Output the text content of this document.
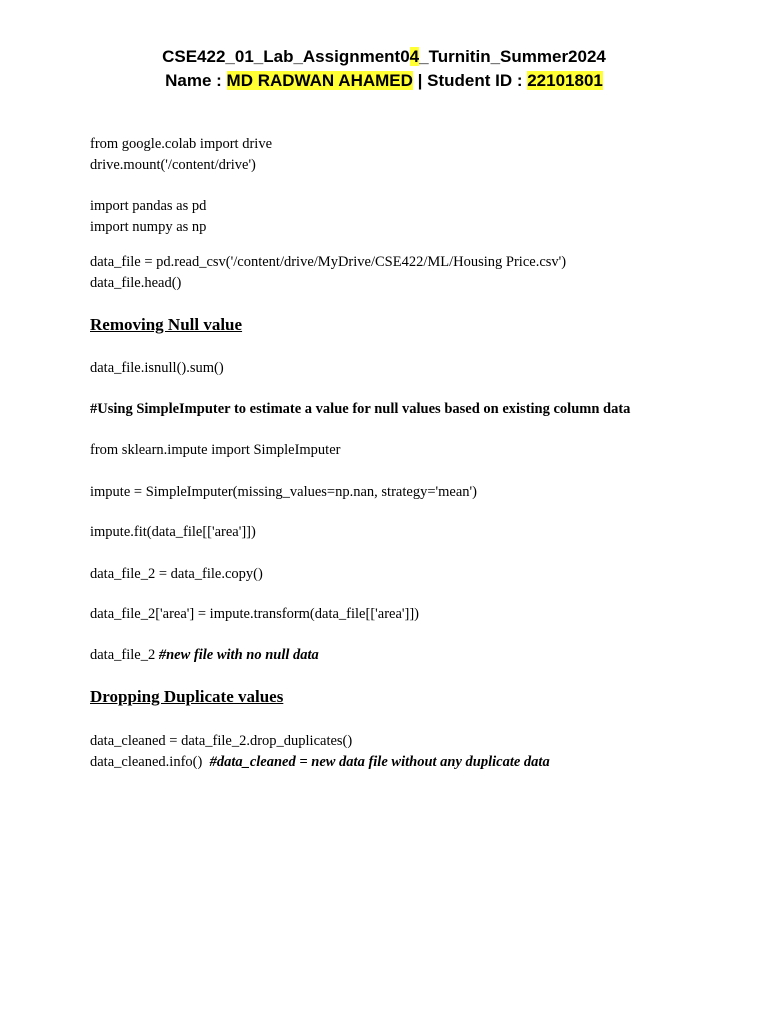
CSE422_01_Lab_Assignment04_Turnitin_Summer2024
Name : MD RADWAN AHAMED | Student ID : 22101801
from google.colab import drive
drive.mount('/content/drive')
import pandas as pd
import numpy as np
data_file = pd.read_csv('/content/drive/MyDrive/CSE422/ML/Housing Price.csv')
data_file.head()
Removing Null value
data_file.isnull().sum()
#Using SimpleImputer to estimate a value for null values based on existing column data
from sklearn.impute import SimpleImputer
impute = SimpleImputer(missing_values=np.nan, strategy='mean')
impute.fit(data_file[['area']])
data_file_2 = data_file.copy()
data_file_2['area'] = impute.transform(data_file[['area']])
data_file_2 #new file with no null data
Dropping Duplicate values
data_cleaned = data_file_2.drop_duplicates()
data_cleaned.info()  #data_cleaned = new data file without any duplicate data
